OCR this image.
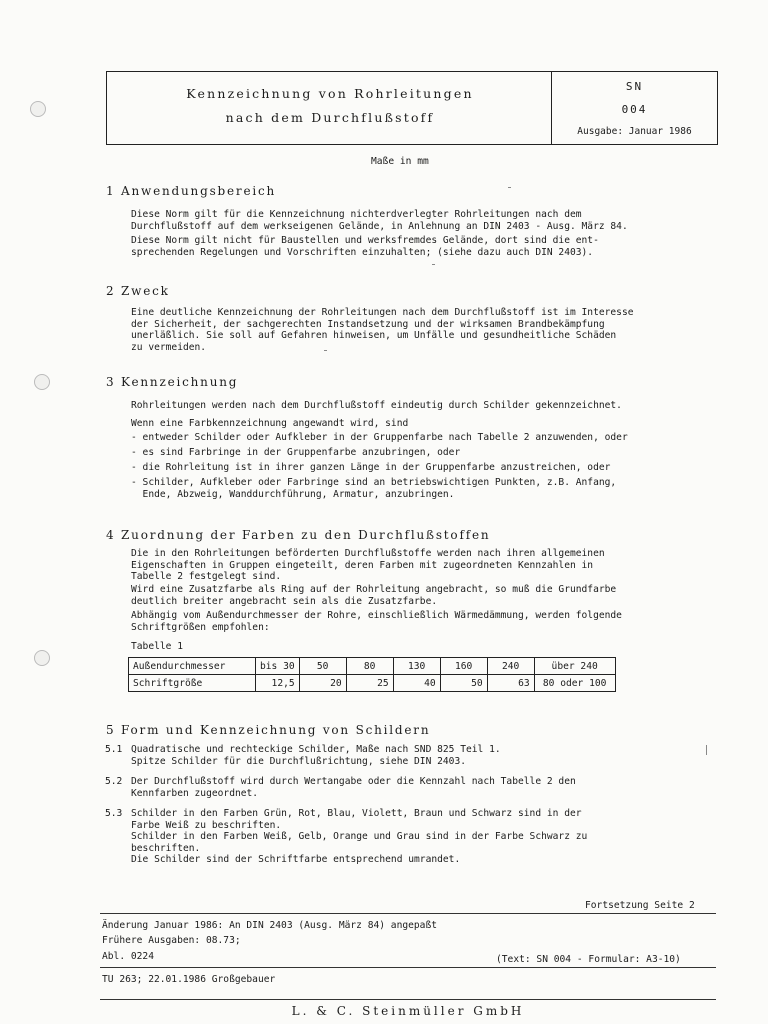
Kennzeichnung von Rohrleitungen
nach dem Durchflußstoff
SN
004
Ausgabe: Januar 1986
Maße in mm
1 Anwendungsbereich
Diese Norm gilt für die Kennzeichnung nichterdverlegter Rohrleitungen nach dem
Durchflußstoff auf dem werkseigenen Gelände, in Anlehnung an DIN 2403 - Ausg. März 84.
Diese Norm gilt nicht für Baustellen und werksfremdes Gelände, dort sind die ent-
sprechenden Regelungen und Vorschriften einzuhalten; (siehe dazu auch DIN 2403).
2 Zweck
Eine deutliche Kennzeichnung der Rohrleitungen nach dem Durchflußstoff ist im Interesse
der Sicherheit, der sachgerechten Instandsetzung und der wirksamen Brandbekämpfung
unerläßlich. Sie soll auf Gefahren hinweisen, um Unfälle und gesundheitliche Schäden
zu vermeiden.
3 Kennzeichnung
Rohrleitungen werden nach dem Durchflußstoff eindeutig durch Schilder gekennzeichnet.
Wenn eine Farbkennzeichnung angewandt wird, sind
- entweder Schilder oder Aufkleber in der Gruppenfarbe nach Tabelle 2 anzuwenden, oder
- es sind Farbringe in der Gruppenfarbe anzubringen, oder
- die Rohrleitung ist in ihrer ganzen Länge in der Gruppenfarbe anzustreichen, oder
- Schilder, Aufkleber oder Farbringe sind an betriebswichtigen Punkten, z.B. Anfang,
Ende, Abzweig, Wanddurchführung, Armatur, anzubringen.
4 Zuordnung der Farben zu den Durchflußstoffen
Die in den Rohrleitungen beförderten Durchflußstoffe werden nach ihren allgemeinen
Eigenschaften in Gruppen eingeteilt, deren Farben mit zugeordneten Kennzahlen in
Tabelle 2 festgelegt sind.
Wird eine Zusatzfarbe als Ring auf der Rohrleitung angebracht, so muß die Grundfarbe
deutlich breiter angebracht sein als die Zusatzfarbe.
Abhängig vom Außendurchmesser der Rohre, einschließlich Wärmedämmung, werden folgende
Schriftgrößen empfohlen:
Tabelle 1
Außendurchmesser	bis 30	50	80	130	160	240	über 240
Schriftgröße	12,5	20	25	40	50	63	80 oder 100
5 Form und Kennzeichnung von Schildern
5.1 Quadratische und rechteckige Schilder, Maße nach SND 825 Teil 1.
Spitze Schilder für die Durchflußrichtung, siehe DIN 2403.
5.2 Der Durchflußstoff wird durch Wertangabe oder die Kennzahl nach Tabelle 2 den
Kennfarben zugeordnet.
5.3 Schilder in den Farben Grün, Rot, Blau, Violett, Braun und Schwarz sind in der
Farbe Weiß zu beschriften.
Schilder in den Farben Weiß, Gelb, Orange und Grau sind in der Farbe Schwarz zu
beschriften.
Die Schilder sind der Schriftfarbe entsprechend umrandet.
Fortsetzung Seite 2
Änderung Januar 1986: An DIN 2403 (Ausg. März 84) angepaßt
Frühere Ausgaben: 08.73;
Abl. 0224	(Text: SN 004 - Formular: A3-10)
TU 263; 22.01.1986 Großgebauer
L. & C. Steinmüller GmbH
